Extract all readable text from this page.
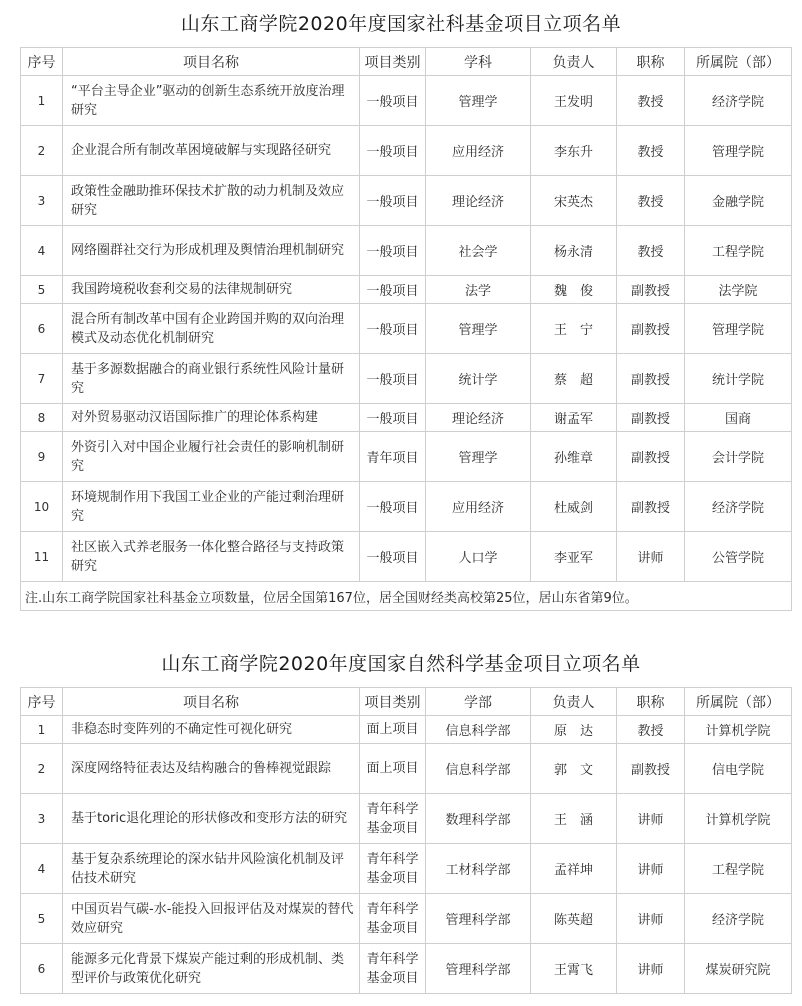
山东工商学院2020年度国家社科基金项目立项名单
序号	项目名称	项目类别	学科	负责人	职称	所属院（部）
1	“平台主导企业”驱动的创新生态系统开放度治理研究	一般项目	管理学	王发明	教授	经济学院
2	企业混合所有制改革困境破解与实现路径研究	一般项目	应用经济	李东升	教授	管理学院
3	政策性金融助推环保技术扩散的动力机制及效应研究	一般项目	理论经济	宋英杰	教授	金融学院
4	网络圈群社交行为形成机理及舆情治理机制研究	一般项目	社会学	杨永清	教授	工程学院
5	我国跨境税收套利交易的法律规制研究	一般项目	法学	魏　俊	副教授	法学院
6	混合所有制改革中国有企业跨国并购的双向治理模式及动态优化机制研究	一般项目	管理学	王　宁	副教授	管理学院
7	基于多源数据融合的商业银行系统性风险计量研究	一般项目	统计学	蔡　超	副教授	统计学院
8	对外贸易驱动汉语国际推广的理论体系构建	一般项目	理论经济	谢孟军	副教授	国商
9	外资引入对中国企业履行社会责任的影响机制研究	青年项目	管理学	孙维章	副教授	会计学院
10	环境规制作用下我国工业企业的产能过剩治理研究	一般项目	应用经济	杜威剑	副教授	经济学院
11	社区嵌入式养老服务一体化整合路径与支持政策研究	一般项目	人口学	李亚军	讲师	公管学院
注.山东工商学院国家社科基金立项数量，位居全国第167位，居全国财经类高校第25位，居山东省第9位。						
山东工商学院2020年度国家自然科学基金项目立项名单
序号	项目名称	项目类别	学部	负责人	职称	所属院（部）
1	非稳态时变阵列的不确定性可视化研究	面上项目	信息科学部	原　达	教授	计算机学院
2	深度网络特征表达及结构融合的鲁棒视觉跟踪	面上项目	信息科学部	郭　文	副教授	信电学院
3	基于toric退化理论的形状修改和变形方法的研究	青年科学基金项目	数理科学部	王　涵	讲师	计算机学院
4	基于复杂系统理论的深水钻井风险演化机制及评估技术研究	青年科学基金项目	工材科学部	孟祥坤	讲师	工程学院
5	中国页岩气碳-水-能投入回报评估及对煤炭的替代效应研究	青年科学基金项目	管理科学部	陈英超	讲师	经济学院
6	能源多元化背景下煤炭产能过剩的形成机制、类型评价与政策优化研究	青年科学基金项目	管理科学部	王霄飞	讲师	煤炭研究院
